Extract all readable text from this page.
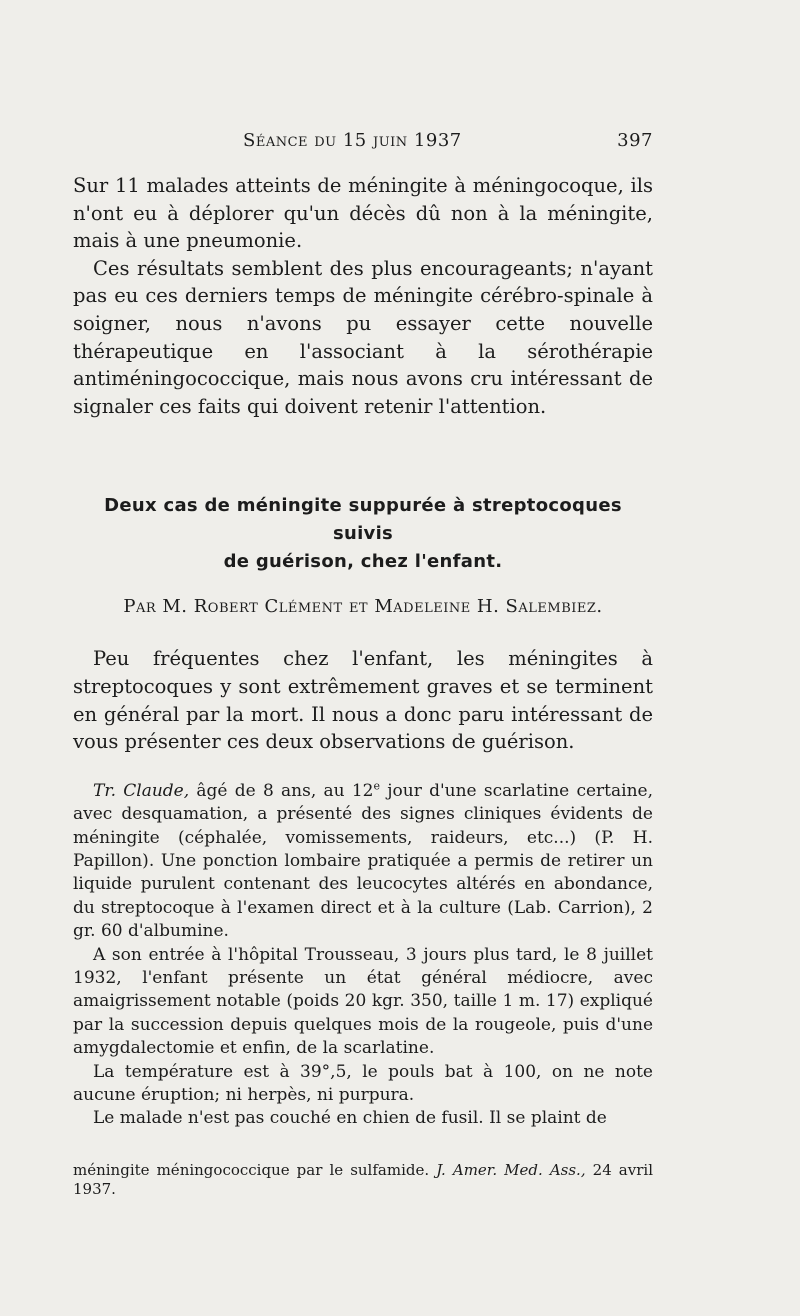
Séance du 15 juin 1937	397

Sur 11 malades atteints de méningite à méningocoque, ils n'ont eu à déplorer qu'un décès dû non à la méningite, mais à une pneumonie.

Ces résultats semblent des plus encourageants; n'ayant pas eu ces derniers temps de méningite cérébro-spinale à soigner, nous n'avons pu essayer cette nouvelle thérapeutique en l'associant à la sérothérapie antiméningococcique, mais nous avons cru intéressant de signaler ces faits qui doivent retenir l'attention.

Deux cas de méningite suppurée à streptocoques suivis
de guérison, chez l'enfant.
Par M. Robert Clément et Madeleine H. Salembiez.

Peu fréquentes chez l'enfant, les méningites à streptocoques y sont extrêmement graves et se terminent en général par la mort. Il nous a donc paru intéressant de vous présenter ces deux observations de guérison.

Tr. Claude, âgé de 8 ans, au 12e jour d'une scarlatine certaine, avec desquamation, a présenté des signes cliniques évidents de méningite (céphalée, vomissements, raideurs, etc...) (P. H. Papillon). Une ponction lombaire pratiquée a permis de retirer un liquide purulent contenant des leucocytes altérés en abondance, du streptocoque à l'examen direct et à la culture (Lab. Carrion), 2 gr. 60 d'albumine.

A son entrée à l'hôpital Trousseau, 3 jours plus tard, le 8 juillet 1932, l'enfant présente un état général médiocre, avec amaigrissement notable (poids 20 kgr. 350, taille 1 m. 17) expliqué par la succession depuis quelques mois de la rougeole, puis d'une amygdalectomie et enfin, de la scarlatine.

La température est à 39°,5, le pouls bat à 100, on ne note aucune éruption; ni herpès, ni purpura.

Le malade n'est pas couché en chien de fusil. Il se plaint de

méningite méningococcique par le sulfamide. J. Amer. Med. Ass., 24 avril 1937.
